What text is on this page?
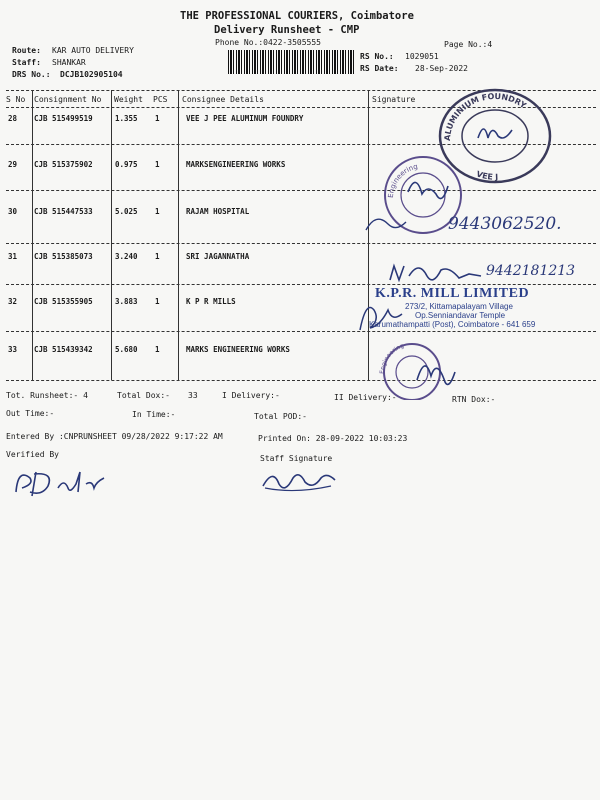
THE PROFESSIONAL COURIERS, Coimbatore
Delivery Runsheet - CMP
Phone No.:0422-3505555	Page No.:4
Route: KAR AUTO DELIVERY
Staff: SHANKAR
DRS No.: DCJB102905104
RS No.: 1029051
RS Date: 28-Sep-2022
S No Consignment No Weight PCS Consignee Details	Signature
28 CJB 515499519	1.355 1	VEE J PEE ALUMINUM FOUNDRY
29 CJB 515375902	0.975 1	MARKSENGINEERING WORKS
30 CJB 515447533	5.025 1	RAJAM HOSPITAL
31 CJB 515385073	3.240 1	SRI JAGANNATHA
32 CJB 515355905	3.883 1	K P R MILLS
33 CJB 515439342	5.680 1	MARKS ENGINEERING WORKS
ALUMINIUM FOUNDRY
VEE J
Engineering
9443062520.
9442181213
K.P.R. MILL LIMITED
273/2, Kittamapalayam Village
Op.Senniandavar Temple
Karumathampatti (Post), Coimbatore - 641 659
Engineering
Tot. Runsheet:- 4	Total Dox:- 33	I Delivery:-	II Delivery:-	RTN Dox:-
Out Time:-	In Time:-	Total POD:-
Entered By :CNPRUNSHEET 09/28/2022 9:17:22 AM	Printed On: 28-09-2022 10:03:23
Verified By	Staff Signature
